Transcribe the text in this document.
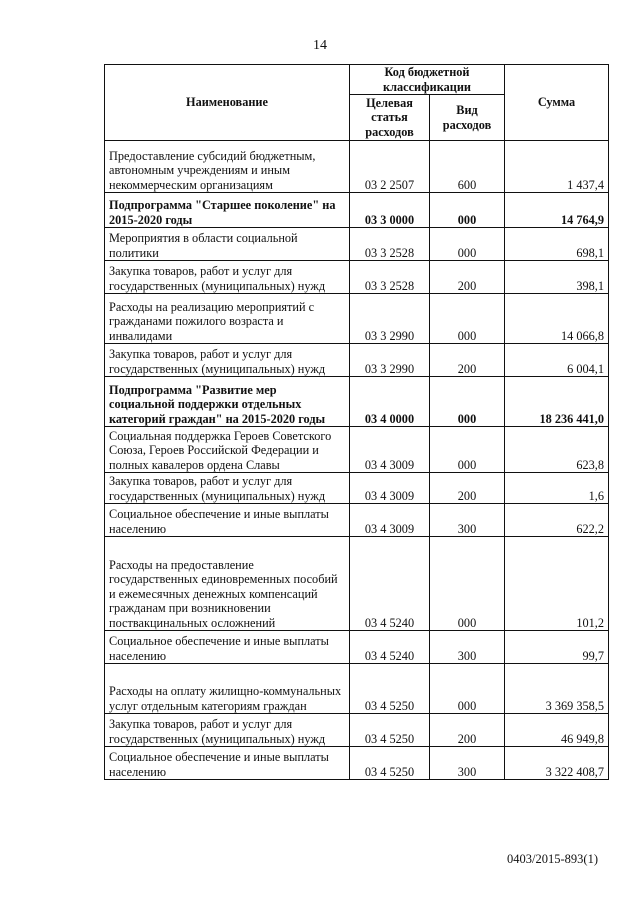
14
Наименование	Код бюджетной классификации		Сумма
	Целевая статья расходов	Вид расходов	
Предоставление субсидий бюджетным, автономным учреждениям и иным некоммерческим организациям	03 2 2507	600	1 437,4
Подпрограмма "Старшее поколение" на 2015-2020 годы	03 3 0000	000	14 764,9
Мероприятия в области социальной политики	03 3 2528	000	698,1
Закупка товаров, работ и услуг для государственных (муниципальных) нужд	03 3 2528	200	398,1
Расходы на реализацию мероприятий с гражданами пожилого возраста и инвалидами	03 3 2990	000	14 066,8
Закупка товаров, работ и услуг для государственных (муниципальных) нужд	03 3 2990	200	6 004,1
Подпрограмма "Развитие мер социальной поддержки отдельных категорий граждан" на 2015-2020 годы	03 4 0000	000	18 236 441,0
Социальная поддержка Героев Советского Союза, Героев Российской Федерации и полных кавалеров ордена Славы	03 4 3009	000	623,8
Закупка товаров, работ и услуг для государственных (муниципальных) нужд	03 4 3009	200	1,6
Социальное обеспечение и иные выплаты населению	03 4 3009	300	622,2
Расходы на предоставление государственных единовременных пособий и ежемесячных денежных компенсаций гражданам при возникновении поствакцинальных осложнений	03 4 5240	000	101,2
Социальное обеспечение и иные выплаты населению	03 4 5240	300	99,7
Расходы на оплату жилищно-коммунальных услуг отдельным категориям граждан	03 4 5250	000	3 369 358,5
Закупка товаров, работ и услуг для государственных (муниципальных) нужд	03 4 5250	200	46 949,8
Социальное обеспечение и иные выплаты населению	03 4 5250	300	3 322 408,7
0403/2015-893(1)
